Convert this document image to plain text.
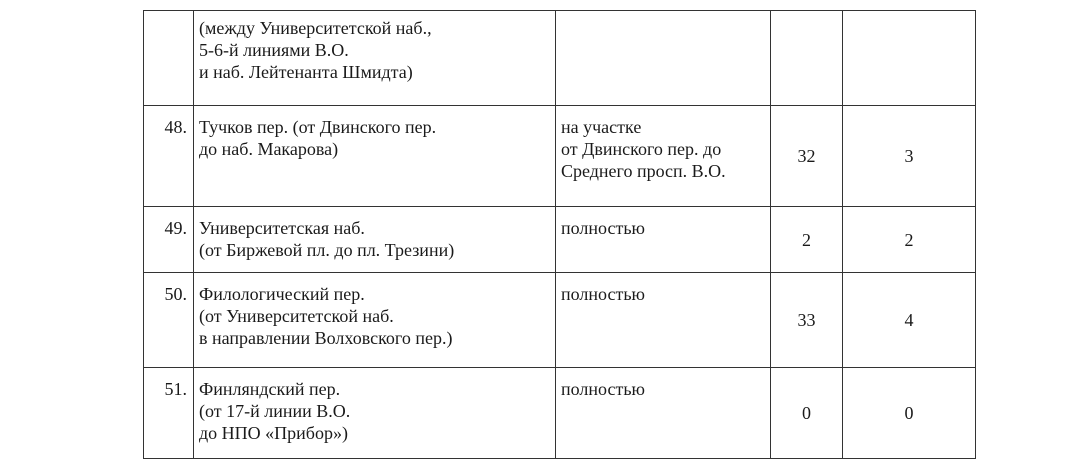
	(между Университетской наб.,
5-6-й линиями В.О.
и наб. Лейтенанта Шмидта)			

48.	Тучков пер. (от Двинского пер.
до наб. Макарова)	на участке
от Двинского пер. до
Среднего просп. В.О.	32	3
49.	Университетская наб.
(от Биржевой пл. до пл. Трезини)	полностью	2	2
50.	Филологический пер.
(от Университетской наб.
в направлении Волховского пер.)	полностью	33	4
51.	Финляндский пер.
(от 17-й линии В.О.
до НПО «Прибор»)	полностью	0	0
